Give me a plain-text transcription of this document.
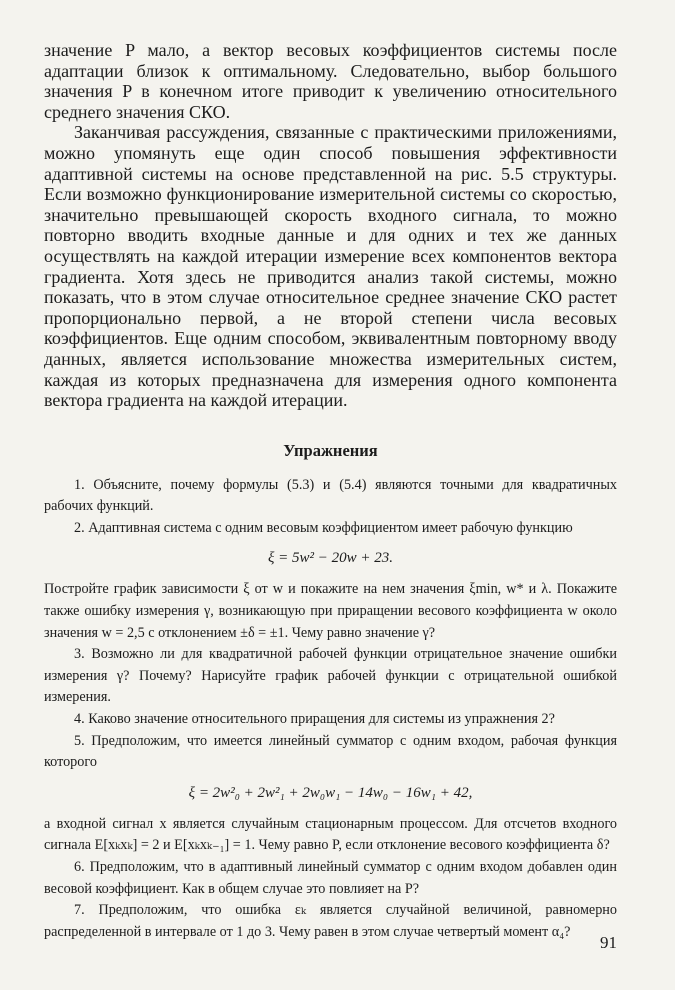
значение P мало, а вектор весовых коэффициентов системы после адаптации близок к оптимальному. Следовательно, выбор большого значения P в конечном итоге приводит к увеличению относительного среднего значения СКО.

Заканчивая рассуждения, связанные с практическими приложениями, можно упомянуть еще один способ повышения эффективности адаптивной системы на основе представленной на рис. 5.5 структуры. Если возможно функционирование измерительной системы со скоростью, значительно превышающей скорость входного сигнала, то можно повторно вводить входные данные и для одних и тех же данных осуществлять на каждой итерации измерение всех компонентов вектора градиента. Хотя здесь не приводится анализ такой системы, можно показать, что в этом случае относительное среднее значение СКО растет пропорционально первой, а не второй степени числа весовых коэффициентов. Еще одним способом, эквивалентным повторному вводу данных, является использование множества измерительных систем, каждая из которых предназначена для измерения одного компонента вектора градиента на каждой итерации.

Упражнения

1. Объясните, почему формулы (5.3) и (5.4) являются точными для квадратичных рабочих функций.

2. Адаптивная система с одним весовым коэффициентом имеет рабочую функцию

ξ = 5w² − 20w + 23.

Постройте график зависимости ξ от w и покажите на нем значения ξmin, w* и λ. Покажите также ошибку измерения γ, возникающую при приращении весового коэффициента w около значения w = 2,5 с отклонением ±δ = ±1. Чему равно значение γ?

3. Возможно ли для квадратичной рабочей функции отрицательное значение ошибки измерения γ? Почему? Нарисуйте график рабочей функции с отрицательной ошибкой измерения.

4. Каково значение относительного приращения для системы из упражнения 2?

5. Предположим, что имеется линейный сумматор с одним входом, рабочая функция которого

ξ = 2w²₀ + 2w²₁ + 2w₀w₁ − 14w₀ − 16w₁ + 42,

а входной сигнал x является случайным стационарным процессом. Для отсчетов входного сигнала E[xₖxₖ] = 2 и E[xₖxₖ₋₁] = 1. Чему равно P, если отклонение весового коэффициента δ?

6. Предположим, что в адаптивный линейный сумматор с одним входом добавлен один весовой коэффициент. Как в общем случае это повлияет на P?

7. Предположим, что ошибка εₖ является случайной величиной, равномерно распределенной в интервале от 1 до 3. Чему равен в этом случае четвертый момент α₄?

91
